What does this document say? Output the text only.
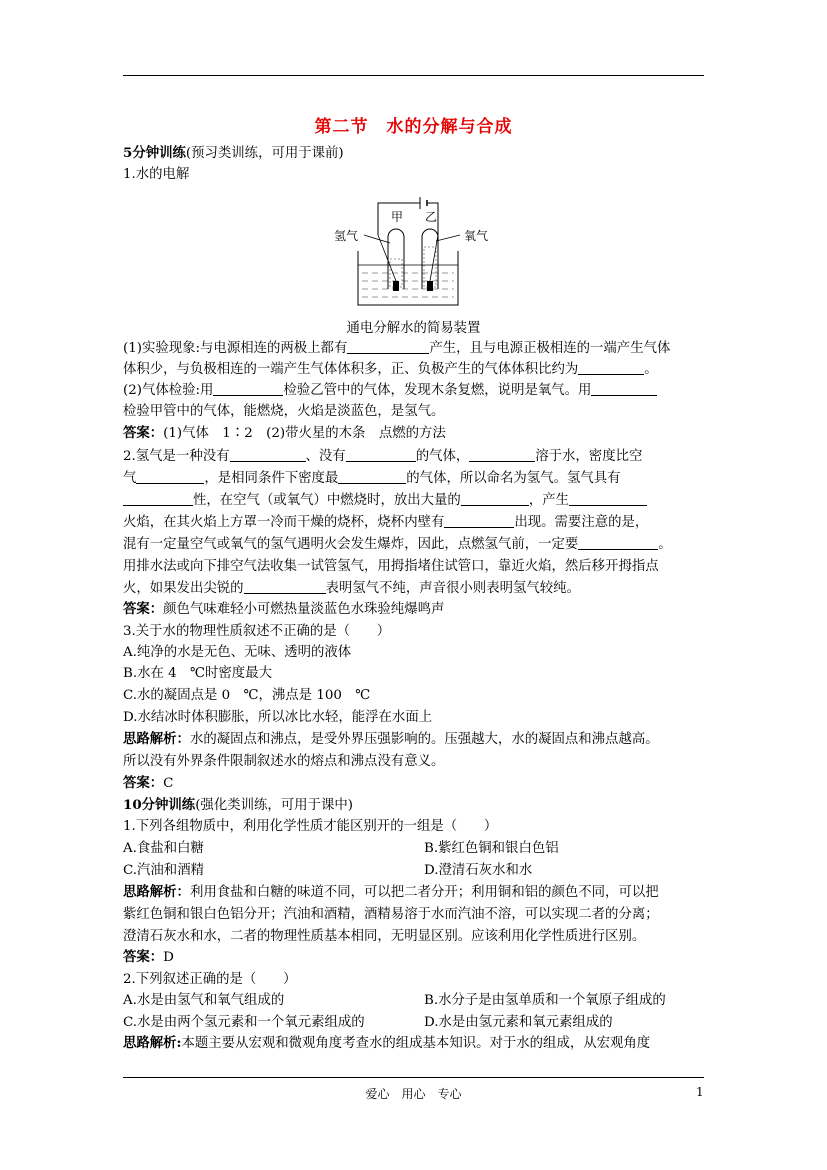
第二节　水的分解与合成
5分钟训练(预习类训练，可用于课前)
1.水的电解
甲 乙
氢气	氧气
通电分解水的简易装置
(1)实验现象:与电源相连的两极上都有	产生，且与电源正极相连的一端产生气体
体积少，与负极相连的一端产生气体体积多，正、负极产生的气体体积比约为	。
(2)气体检验:用	检验乙管中的气体，发现木条复燃，说明是氧气。用
检验甲管中的气体，能燃烧，火焰是淡蓝色，是氢气。
答案：(1)气体　1∶2　(2)带火星的木条　点燃的方法
2.氢气是一种没有	、没有	的气体，	溶于水，密度比空
气	，是相同条件下密度最	的气体，所以命名为氢气。氢气具有
性，在空气（或氧气）中燃烧时，放出大量的	，产生
火焰，在其火焰上方罩一冷而干燥的烧杯，烧杯内壁有	出现。需要注意的是，
混有一定量空气或氧气的氢气遇明火会发生爆炸，因此，点燃氢气前，一定要	。
用排水法或向下排空气法收集一试管氢气，用拇指堵住试管口，靠近火焰，然后移开拇指点
火，如果发出尖锐的	表明氢气不纯，声音很小则表明氢气较纯。
答案：颜色气味难轻小可燃热量淡蓝色水珠验纯爆鸣声
3.关于水的物理性质叙述不正确的是（　　）
A.纯净的水是无色、无味、透明的液体
B.水在 4　℃时密度最大
C.水的凝固点是 0　℃，沸点是 100　℃
D.水结冰时体积膨胀，所以冰比水轻，能浮在水面上
思路解析：水的凝固点和沸点，是受外界压强影响的。压强越大，水的凝固点和沸点越高。
所以没有外界条件限制叙述水的熔点和沸点没有意义。
答案：C
10分钟训练(强化类训练，可用于课中)
1.下列各组物质中，利用化学性质才能区别开的一组是（　　）
A.食盐和白糖	B.紫红色铜和银白色铝
C.汽油和酒精	D.澄清石灰水和水
思路解析：利用食盐和白糖的味道不同，可以把二者分开；利用铜和铝的颜色不同，可以把
紫红色铜和银白色铝分开；汽油和酒精，酒精易溶于水而汽油不溶，可以实现二者的分离；
澄清石灰水和水，二者的物理性质基本相同，无明显区别。应该利用化学性质进行区别。
答案：D
2.下列叙述正确的是（　　）
A.水是由氢气和氧气组成的	B.水分子是由氢单质和一个氧原子组成的
C.水是由两个氢元素和一个氧元素组成的	D.水是由氢元素和氧元素组成的
思路解析:本题主要从宏观和微观角度考查水的组成基本知识。对于水的组成，从宏观角度
爱心　用心　专心	1
